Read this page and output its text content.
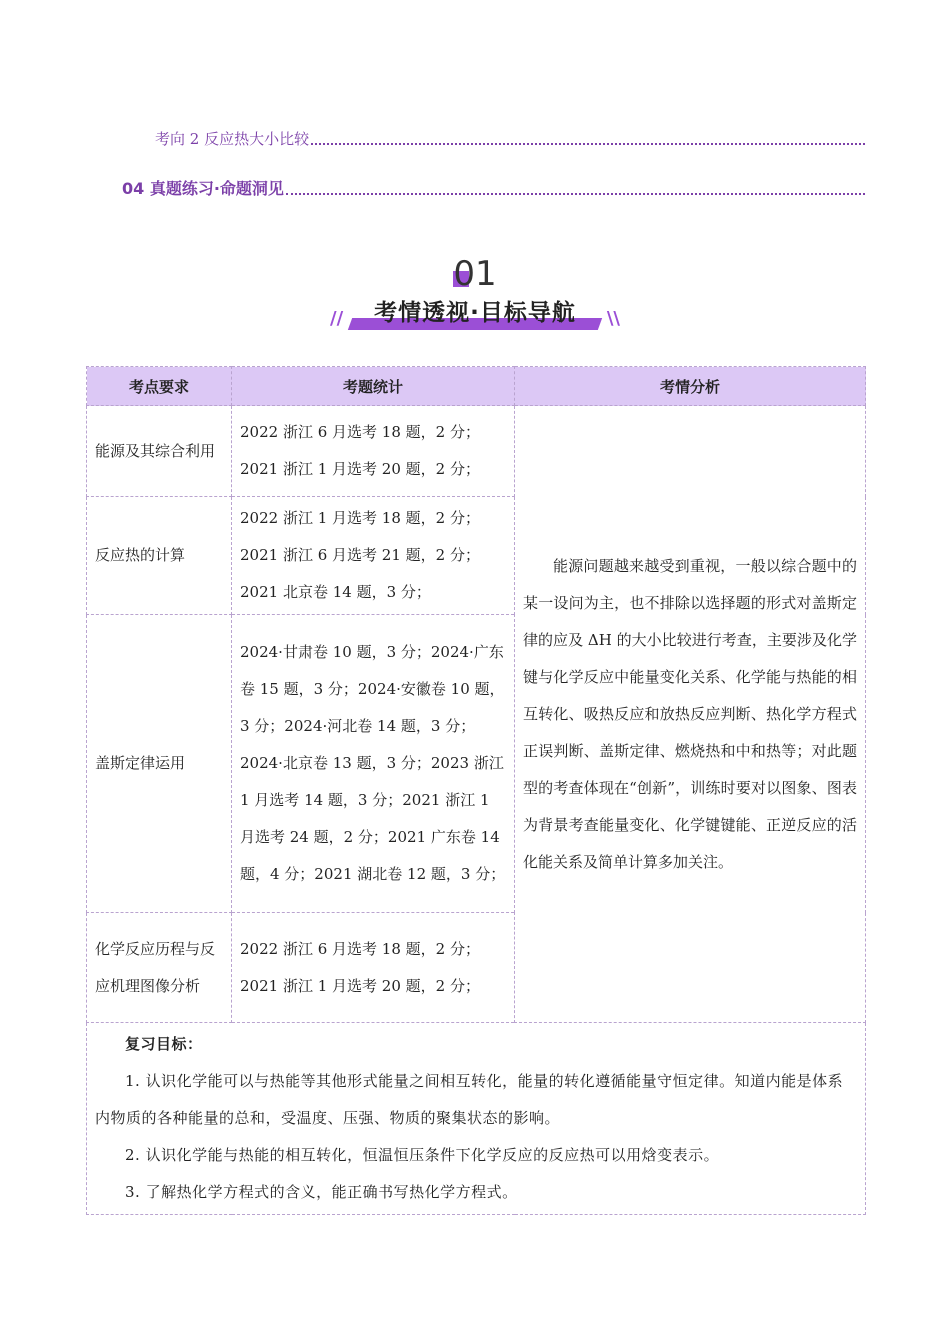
考向 2 反应热大小比较
04 真题练习·命题洞见
01
//	\\
考情透视·目标导航
考点要求	考题统计	考情分析
能源及其综合利用	2022 浙江 6 月选考 18 题，2 分；
2021 浙江 1 月选考 20 题，2 分；	能源问题越来越受到重视，一般以综合题中的某一设问为主，也不排除以选择题的形式对盖斯定律的应及 ΔH 的大小比较进行考查，主要涉及化学键与化学反应中能量变化关系、化学能与热能的相互转化、吸热反应和放热反应判断、热化学方程式正误判断、盖斯定律、燃烧热和中和热等；对此题型的考查体现在“创新”，训练时要对以图象、图表为背景考查能量变化、化学键键能、正逆反应的活化能关系及简单计算多加关注。

反应热的计算	2022 浙江 1 月选考 18 题，2 分；
2021 浙江 6 月选考 21 题，2 分；
2021 北京卷 14 题，3 分；	

盖斯定律运用	2024·甘肃卷 10 题，3 分；2024·广东卷 15 题，3 分；2024·安徽卷 10 题，3 分；2024·河北卷 14 题，3 分；2024·北京卷 13 题，3 分；2023 浙江 1 月选考 14 题，3 分；2021 浙江 1 月选考 24 题，2 分；2021 广东卷 14 题，4 分；2021 湖北卷 12 题，3 分；	

化学反应历程与反应机理图像分析	2022 浙江 6 月选考 18 题，2 分；
2021 浙江 1 月选考 20 题，2 分；	

复习目标：
1. 认识化学能可以与热能等其他形式能量之间相互转化，能量的转化遵循能量守恒定律。知道内能是体系内物质的各种能量的总和，受温度、压强、物质的聚集状态的影响。
2. 认识化学能与热能的相互转化，恒温恒压条件下化学反应的反应热可以用焓变表示。
3. 了解热化学方程式的含义，能正确书写热化学方程式。		
